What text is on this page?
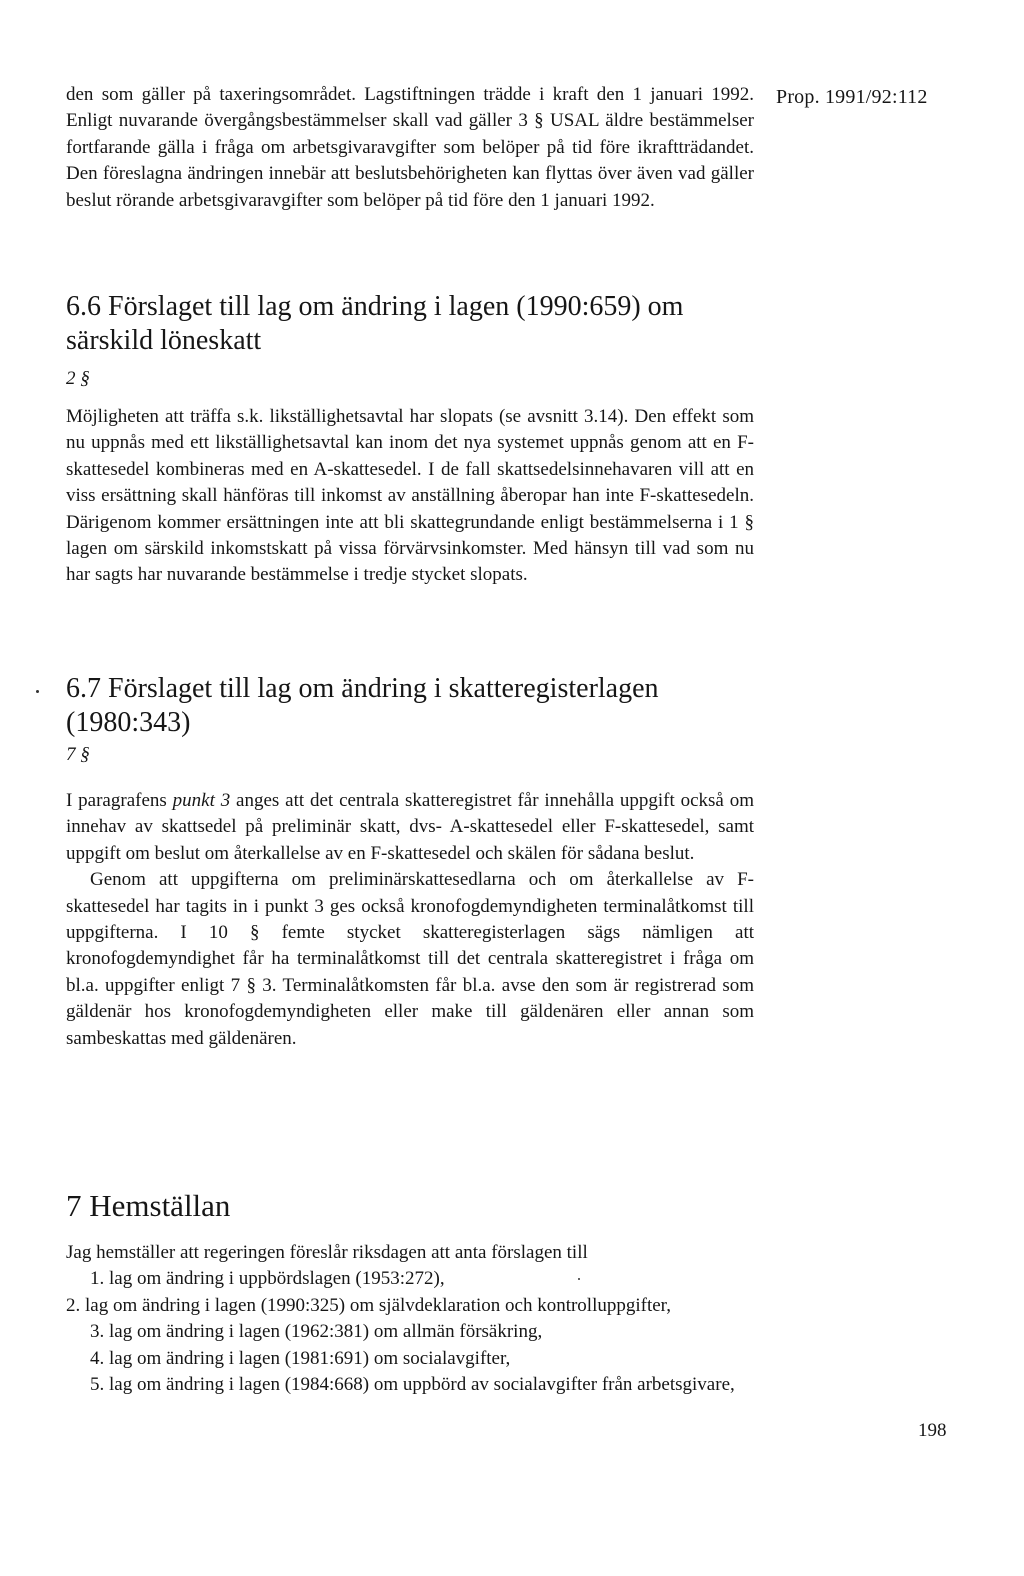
Prop. 1991/92:112

den som gäller på taxeringsområdet. Lagstiftningen trädde i kraft den 1 januari 1992. Enligt nuvarande övergångsbestämmelser skall vad gäller 3 § USAL äldre bestämmelser fortfarande gälla i fråga om arbetsgivaravgifter som belöper på tid före ikraftträdandet. Den föreslagna ändringen innebär att beslutsbehörigheten kan flyttas över även vad gäller beslut rörande arbetsgivaravgifter som belöper på tid före den 1 januari 1992.

6.6 Förslaget till lag om ändring i lagen (1990:659) om särskild löneskatt
2 §

Möjligheten att träffa s.k. likställighetsavtal har slopats (se avsnitt 3.14). Den effekt som nu uppnås med ett likställighetsavtal kan inom det nya systemet uppnås genom att en F-skattesedel kombineras med en A-skattesedel. I de fall skattsedelsinnehavaren vill att en viss ersättning skall hänföras till inkomst av anställning åberopar han inte F-skattesedeln. Därigenom kommer ersättningen inte att bli skattegrundande enligt bestämmelserna i 1 § lagen om särskild inkomstskatt på vissa förvärvsinkomster. Med hänsyn till vad som nu har sagts har nuvarande bestämmelse i tredje stycket slopats.

6.7 Förslaget till lag om ändring i skatteregisterlagen (1980:343)
7 §

I paragrafens punkt 3 anges att det centrala skatteregistret får innehålla uppgift också om innehav av skattsedel på preliminär skatt, dvs- A-skattesedel eller F-skattesedel, samt uppgift om beslut om återkallelse av en F-skattesedel och skälen för sådana beslut.

Genom att uppgifterna om preliminärskattesedlarna och om återkallelse av F-skattesedel har tagits in i punkt 3 ges också kronofogdemyndigheten terminalåtkomst till uppgifterna. I 10 § femte stycket skatteregisterlagen sägs nämligen att kronofogdemyndighet får ha terminalåtkomst till det centrala skatteregistret i fråga om bl.a. uppgifter enligt 7 § 3. Terminalåtkomsten får bl.a. avse den som är registrerad som gäldenär hos kronofogdemyndigheten eller make till gäldenären eller annan som sambeskattas med gäldenären.

7 Hemställan

Jag hemställer att regeringen föreslår riksdagen att anta förslagen till

1. lag om ändring i uppbördslagen (1953:272),
2. lag om ändring i lagen (1990:325) om självdeklaration och kontrolluppgifter,
3. lag om ändring i lagen (1962:381) om allmän försäkring,
4. lag om ändring i lagen (1981:691) om socialavgifter,
5. lag om ändring i lagen (1984:668) om uppbörd av socialavgifter från arbetsgivare,
198
